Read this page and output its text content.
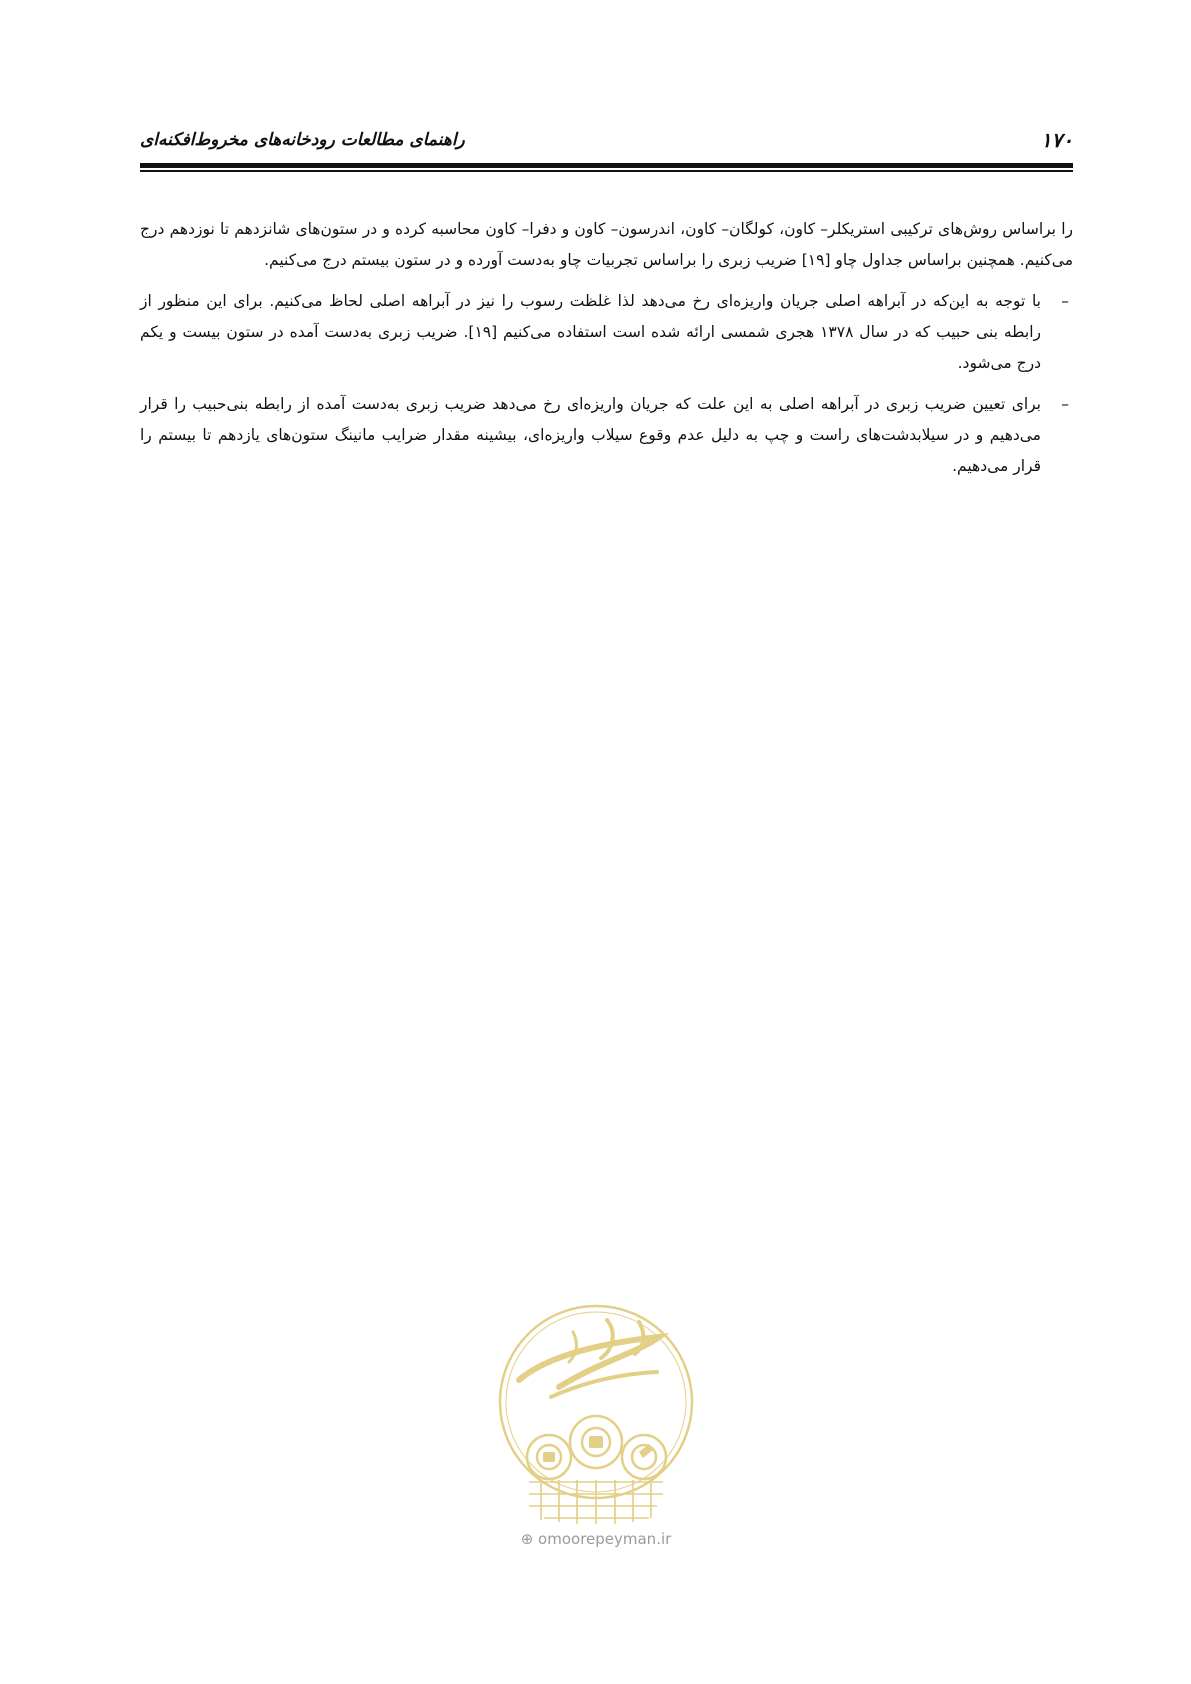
۱۷۰
راهنمای مطالعات رودخانه‌های مخروط‌افکنه‌ای

را براساس روش‌های ترکیبی استریکلر– کاون، کولگان– کاون، اندرسون– کاون و دفرا– کاون محاسبه کرده و در ستون‌های شانزدهم تا نوزدهم درج می‌کنیم. همچنین براساس جداول چاو [۱۹] ضریب زبری را براساس تجربیات چاو به‌دست آورده و در ستون بیستم درج می‌کنیم.

–
با توجه به این‌که در آبراهه اصلی جریان واریزه‌ای رخ می‌دهد لذا غلظت رسوب را نیز در آبراهه اصلی لحاظ می‌کنیم. برای این منظور از رابطه بنی حبیب که در سال ۱۳۷۸ هجری شمسی ارائه شده است استفاده می‌کنیم [۱۹]. ضریب زبری به‌دست آمده در ستون بیست و یکم درج می‌شود.
–
برای تعیین ضریب زبری در آبراهه اصلی به این علت که جریان واریزه‌ای رخ می‌دهد ضریب زبری به‌دست آمده از رابطه بنی‌حبیب را قرار می‌دهیم و در سیلابدشت‌های راست و چپ به دلیل عدم وقوع سیلاب واریزه‌ای، بیشینه مقدار ضرایب مانینگ ستون‌های یازدهم تا بیستم را قرار می‌دهیم.
⊕ omoorepeyman.ir
